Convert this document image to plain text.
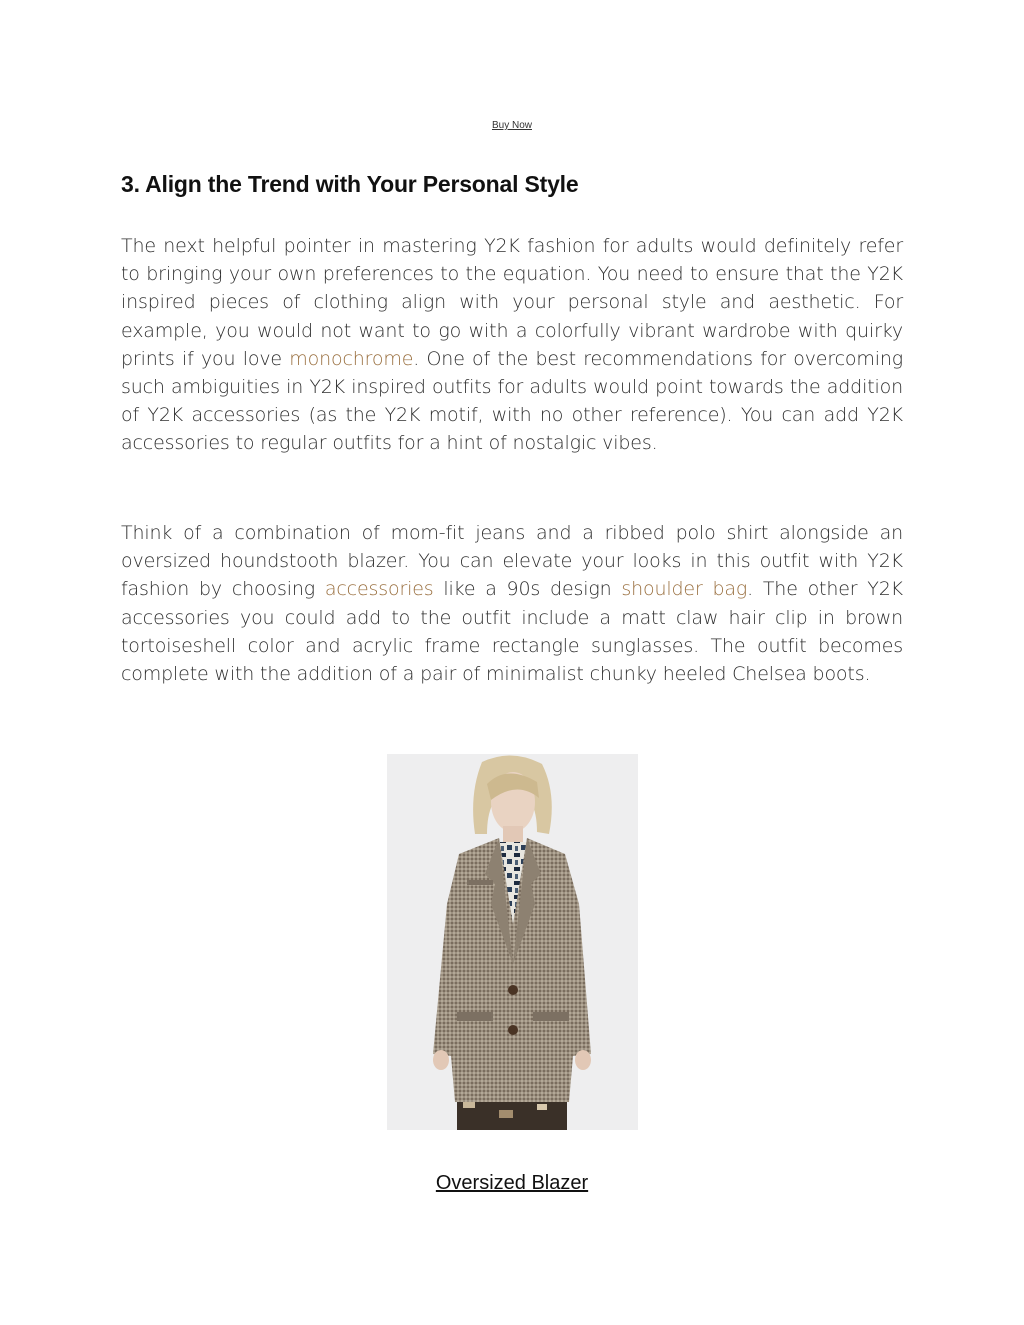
Buy Now
3. Align the Trend with Your Personal Style

The next helpful pointer in mastering Y2K fashion for adults would definitely refer to bringing your own preferences to the equation. You need to ensure that the Y2K inspired pieces of clothing align with your personal style and aesthetic. For example, you would not want to go with a colorfully vibrant wardrobe with quirky prints if you love monochrome. One of the best recommendations for overcoming such ambiguities in Y2K inspired outfits for adults would point towards the addition of Y2K accessories (as the Y2K motif, with no other reference). You can add Y2K accessories to regular outfits for a hint of nostalgic vibes.

Think of a combination of mom-fit jeans and a ribbed polo shirt alongside an oversized houndstooth blazer. You can elevate your looks in this outfit with Y2K fashion by choosing accessories like a 90s design shoulder bag. The other Y2K accessories you could add to the outfit include a matt claw hair clip in brown tortoiseshell color and acrylic frame rectangle sunglasses. The outfit becomes complete with the addition of a pair of minimalist chunky heeled Chelsea boots.

Oversized Blazer
